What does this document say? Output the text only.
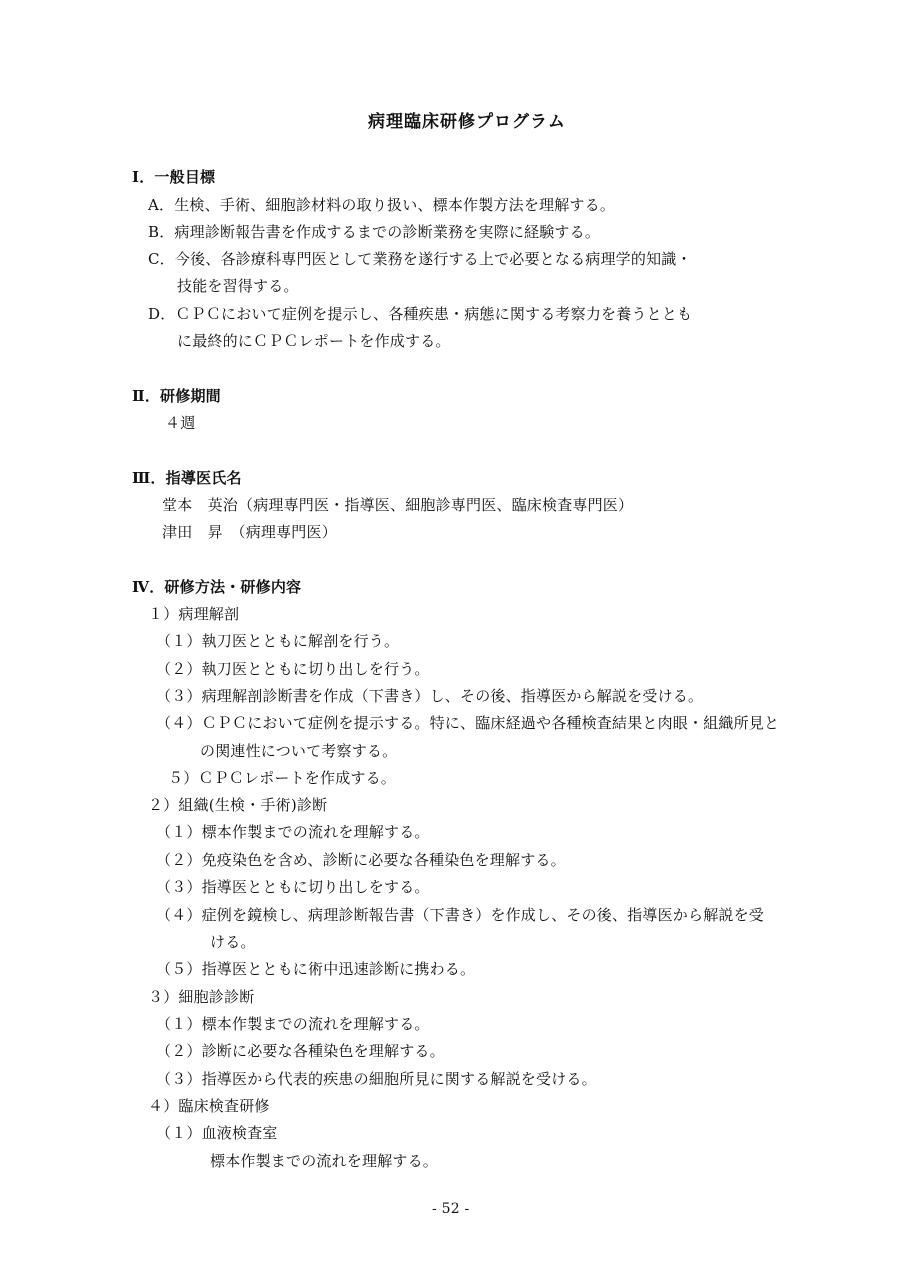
病理臨床研修プログラム
Ⅰ．一般目標
A．生検、手術、細胞診材料の取り扱い、標本作製方法を理解する。
B．病理診断報告書を作成するまでの診断業務を実際に経験する。
C．今後、各診療科専門医として業務を遂行する上で必要となる病理学的知識・
技能を習得する。
D．ＣＰＣにおいて症例を提示し、各種疾患・病態に関する考察力を養うととも
に最終的にＣＰＣレポートを作成する。
Ⅱ．研修期間
４週
Ⅲ．指導医氏名
堂本　英治（病理専門医・指導医、細胞診専門医、臨床検査専門医）
津田　昇　（病理専門医）
Ⅳ．研修方法・研修内容
１）病理解剖
（１）執刀医とともに解剖を行う。
（２）執刀医とともに切り出しを行う。
（３）病理解剖診断書を作成（下書き）し、その後、指導医から解説を受ける。
（４）ＣＰＣにおいて症例を提示する。特に、臨床経過や各種検査結果と肉眼・組織所見と
の関連性について考察する。
５）ＣＰＣレポートを作成する。
２）組織(生検・手術)診断
（１）標本作製までの流れを理解する。
（２）免疫染色を含め、診断に必要な各種染色を理解する。
（３）指導医とともに切り出しをする。
（４）症例を鏡検し、病理診断報告書（下書き）を作成し、その後、指導医から解説を受
ける。
（５）指導医とともに術中迅速診断に携わる。
３）細胞診診断
（１）標本作製までの流れを理解する。
（２）診断に必要な各種染色を理解する。
（３）指導医から代表的疾患の細胞所見に関する解説を受ける。
４）臨床検査研修
（１）血液検査室
標本作製までの流れを理解する。
- 52 -
